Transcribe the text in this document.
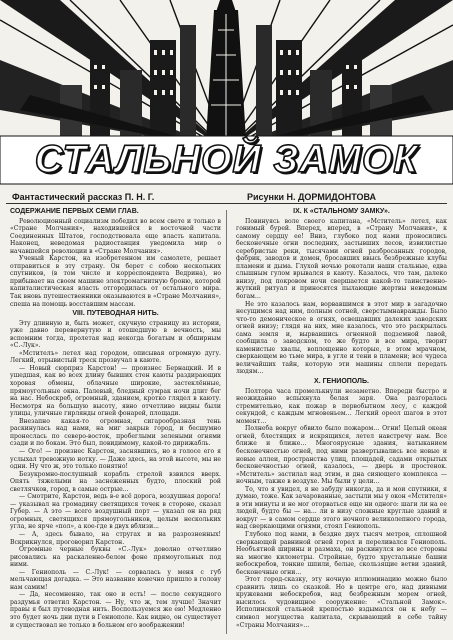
СТАЛЬНОЙ ЗАМОК
Фантастический рассказ П. Н. Г.	Рисунки Н. ДОРМИДОНТОВА
СОДЕРЖАНИЕ ПЕРВЫХ СЕМИ ГЛАВ.

Революционный социализм победил во всем свете и только в «Стране Молчания», находившейся в восточной части Соединенных Штатов, господствовала еще власть капитала. Наконец, неведомая радиостанция уведомила мир о начавшейся революции в «Стране Молчания».

Ученый Карстон, на изобретенном им самолете, решает отправиться в эту страну. Он берет с собою нескольких спутников, (в том числе и корреспондента Ведрина), но прибывает на своем машине электромагнитную броню, которой капиталистическая власть отгородилась от остального мира. Так вновь путешественники оказываются в «Стране Молчания», спеша на помощь восставшим массам.

VIII. ПУТЕВОДНАЯ НИТЬ.

Эту длинную и, быть может, скучную страницу из истории, уже давно перевернутую и отошедшую в вечность, мы вспомним тогда, пролетая над некогда богатым и обширным «С.-Лук».

«Мстителъ» летел над городом, описывая огромную дугу. Легкий, отрывистый треск прозвучал в каюте.

— Новый сюрприз Карстон! — произнес Бернацкий. И в ушедшая, как во всех длину бывших стен каюты раздирающих хоровая обмены, облачные широкие, застеклённые, прямоугольные окна. Палевый, бледный сумрак ночи длит бег на нас. Небоскреб, огромный, зданием, кротко глядел в каюту. Несмотря на большую высоту, явно отчетливо видны были улицы, уличные гирлянды огней фонарей, площади.

Внезапно какая-то огромная, сигарообразная тень раскинулась над нами, на миг закрыв город, и бесшумно пронеслась по северо-восток, пробеглыми зелеными огнями сзади и по бокам. Это был, повидимому, какой-то дирижабль.

— Ого! — произнес Карстон, заснявшись, но в голосе его я услыхал тревожную нотку. — Даже здесь, на этой высоте, мы не одни. Ну что ж, это только понятно!

Безукромно-послушный корабль стрелой взвился вверх. Опять тяжелыми на заснеженных будто, плоский рой светлячков, город, в самые острые...

— Смотрите, Карстон, ведь в-е всё дорога, воздушная дорога! — указывал на громадину светящихся точек в стороне, сказал Губер. — А это — всего воздушный порт — указал он на ряд огромных, светящихся прямоугольников, целым нескольких угла, не ярче «пол», а кое-где в двух вблизи...

— А, здесь бывало, на стругах и на разрозненных! Вскрикнулся, проговорил Карстон.

Огромные черные буквы «С.-Лук» доволно отчетливо рисовались на раскаленно-белом фоне прямоугольных под ними.

— Гениополь — С.-Лук! — сорвалась у меня с губ мельчающая догадка. — Это название конечно пришло в голову нам самим!

— Да, несомненно, так оно и есть! — после секундного раздумья ответил Карстон. — Ну, что ж, тем лучше! Значит правы я был путеводная нить. Воспользуемся же ею! Медленно это будет ночь дни пути в Гениополе. Как видно, он существует и существовал не только в больном его воображении!

IX. К «СТАЛЬНОМУ ЗАМКУ».

Повинуясь воле своего капитана, «Мститель» летел, как гонимый бурей. Вперед, вперед, в «Страну Молчания», к самому сердцу ее! Вниз, глубоко под нами проносились бесконечные огни последних, застывших лесов, извилистые серебристые реки, тысячами огней разбросанных городов, фабрик, заводов и домен, бросавших ввысь безбрежные клубы пламени и дыма. Глухой ночью рокотали наши стальные, едва слышным гулом врывался в каюту. Казалось, что там, далеко внизу, под покровом ночи свершается какой-то таинственно-жуткий ритуал и приносятся пылающие жертвы неведомым богам…

Не это казалось нам, ворвавшимся в этот мир в загадочно несущимся над ним, полным сотней, сверстымнавражды. Было что-то демоническое в огнях, освещавших далеких заводских огней внизу; глядя на них, мне казалось, что это раскрылась сама земля и, вырвавшись огненной подземной лавой, сообщила о заводском, то же будто и все мира, творит каменистые хвалы, воплощенно которые, в этом мрачном, сверкающем во тьме мира, в угле и тени в пламени; все чудеса величайших тайн, которую эти машины сплели передать людям…

X. ГЕНИОПОЛЬ.

Полтора часа промелькнули незаметно. Впереди быстро и неожиданно вспыхнула белая заря. Она разгоралась стремительно, как пожар в первобытном лесу, с каждой секундой, с каждым мгновеньем… Легкий ореол шагов в этот момент…

Полнеба вокруг обвило было пожаром… Огни! Целый океан огней, блестящих и искрящихся, летел навстречу нам. Все ближе и ближе… Многоярусные здания, натыканием бесконечностью огней, под ними развертывались все новые и новые аллеи, пространства улиц, площадей, садами открытых бесконечностью огней, казалось, — дверь и простенок. «Мститель» застилал над этим, и дна сияющего комплекса — ночным, также в воздухе. Мы были у цели…

То, что я увидел, я не забуду никогда, да и мои спутники, я думаю, тоже. Как зачарованные, застыли мы у окон «Мстителя» в эти минуты и не мог оторваться еще ни одного: шаги ли на ее людей, будто бы — на... ли в низу сложные круглые зданий и вокруг — в самом сердце этого ночного великолепного города, над сверкающими огнями, стоял Гениополь.

Глубоко под нами, в бездне двух тысяч метров, сплошной сверкающей равниной огней горел и переливался Гениополь. Необъятной ширины и размаха, он раскинулся во все стороны на многие километры. Стройные, будто хрустальные башни небоскребов, тонкие шпили, белые, скользящие ветви зданий, бесконечные огни…

Этот город-сказку, эту ночную иллюминацию можно было сравнить лишь со сказкой. Но в центре его, над дивными кружевами небоскребов, над безбрежным морем огней, высилось чудовищное сооружение: «Стальной Замок». Исполинской стальной крепостью вздымался он к небу — символ могущества капитала, скрывающий в себе тайну «Страны Молчания»…
